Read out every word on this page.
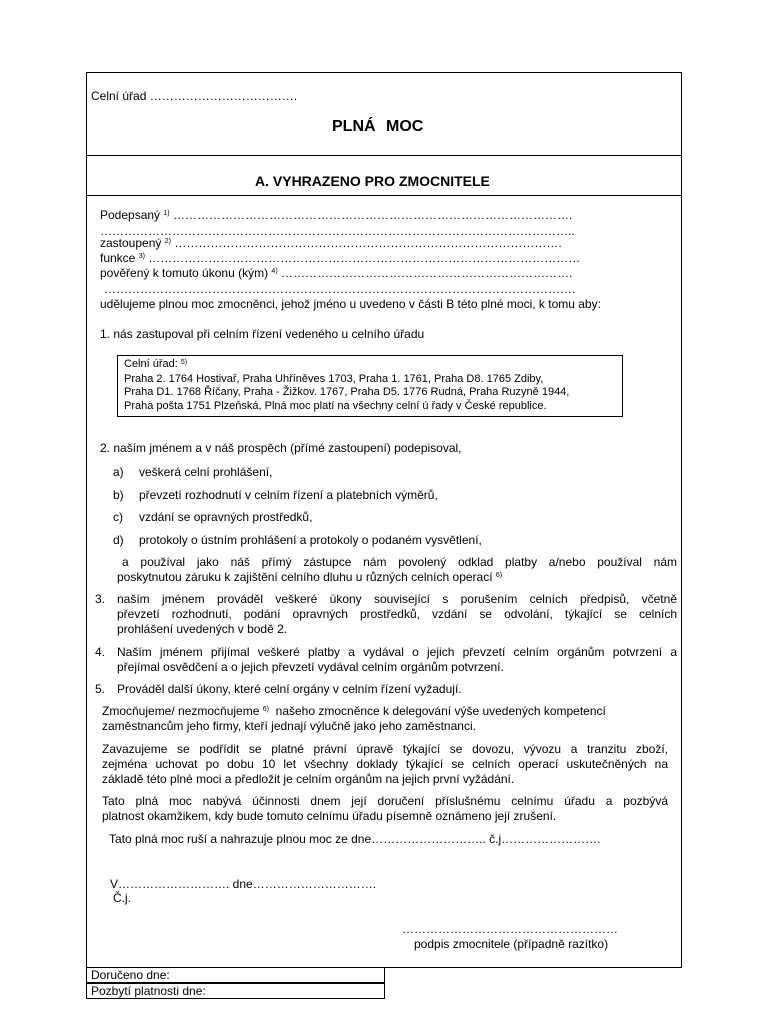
Celní úřad ……………………………….
PLNÁ MOC
A. VYHRAZENO PRO ZMOCNITELE
Podepsaný $^{1)}$ ……………………………………………………………………………………….
………………………………………………………………………………………………………..
zastoupený $^{2)}$ …………………………………………………………………………………….
funkce $^{3)}$ ………………………………………………………………………………………………
pověřený k tomuto úkonu (kým) $^{4)}$ ……………………………………………………………….
……………………………………………………………………………………………………….
udělujeme plnou moc zmocněnci, jehož jméno u uvedeno v části B této plné moci, k tomu aby:
1. nás zastupoval při celním řízení vedeného u celního úřadu
Celní úřad: $^{5)}$
Praha 2. 1764 Hostivař, Praha Uhříněves 1703, Praha 1. 1761, Praha D8. 1765 Zdiby,
Praha D1. 1768 Říčany, Praha - Žižkov. 1767, Praha D5. 1776 Rudná, Praha Ruzyně 1944,
Praha pošta 1751 Plzeňská, Plná moc platí na všechny celní ú řady v České republice.
2. naším jménem a v náš prospěch (přímé zastoupení) podepisoval,
a) veškerá celní prohlášení,
b) převzetí rozhodnutí v celním řízení a platebních výměrů,
c) vzdání se opravných prostředků,
d) protokoly o ústním prohlášení a protokoly o podaném vysvětlení,
a používal jako náš přímý zástupce nám povolený odklad platby a/nebo používal nám
poskytnutou záruku k zajištění celního dluhu u různých celních operací $^{6)}$
3. naším jménem prováděl veškeré úkony související s porušením celních předpisů, včetně
převzetí rozhodnutí, podání opravných prostředků, vzdání se odvolání, týkající se celních
prohlášení uvedených v bodě 2.
4. Naším jménem přijímal veškeré platby a vydával o jejich převzetí celním orgánům potvrzení a
přejímal osvědčení a o jejich převzetí vydával celním orgánům potvrzení.
5. Prováděl další úkony, které celní orgány v celním řízení vyžadují.
Zmocňujeme/ nezmocňujeme $^{6)}$ našeho zmocněnce k delegování výše uvedených kompetencí
zaměstnancům jeho firmy, kteří jednají výlučně jako jeho zaměstnanci.
Zavazujeme se podřídit se platné právní úpravě týkající se dovozu, vývozu a tranzitu zboží,
zejména uchovat po dobu 10 let všechny doklady týkající se celních operací uskutečněných na
základě této plné moci a předložit je celním orgánům na jejich první vyžádání.
Tato plná moc nabývá účinnosti dnem její doručení příslušnému celnímu úřadu a pozbývá
platnost okamžikem, kdy bude tomuto celnímu úřadu písemně oznámeno její zrušení.
Tato plná moc ruší a nahrazuje plnou moc ze dne……………………….. č.j…………………….
V………………………. dne………………………….
Č.j.
………………………………………………
podpis zmocnitele (případně razítko)
Doručeno dne:
Pozbytí platnosti dne:
